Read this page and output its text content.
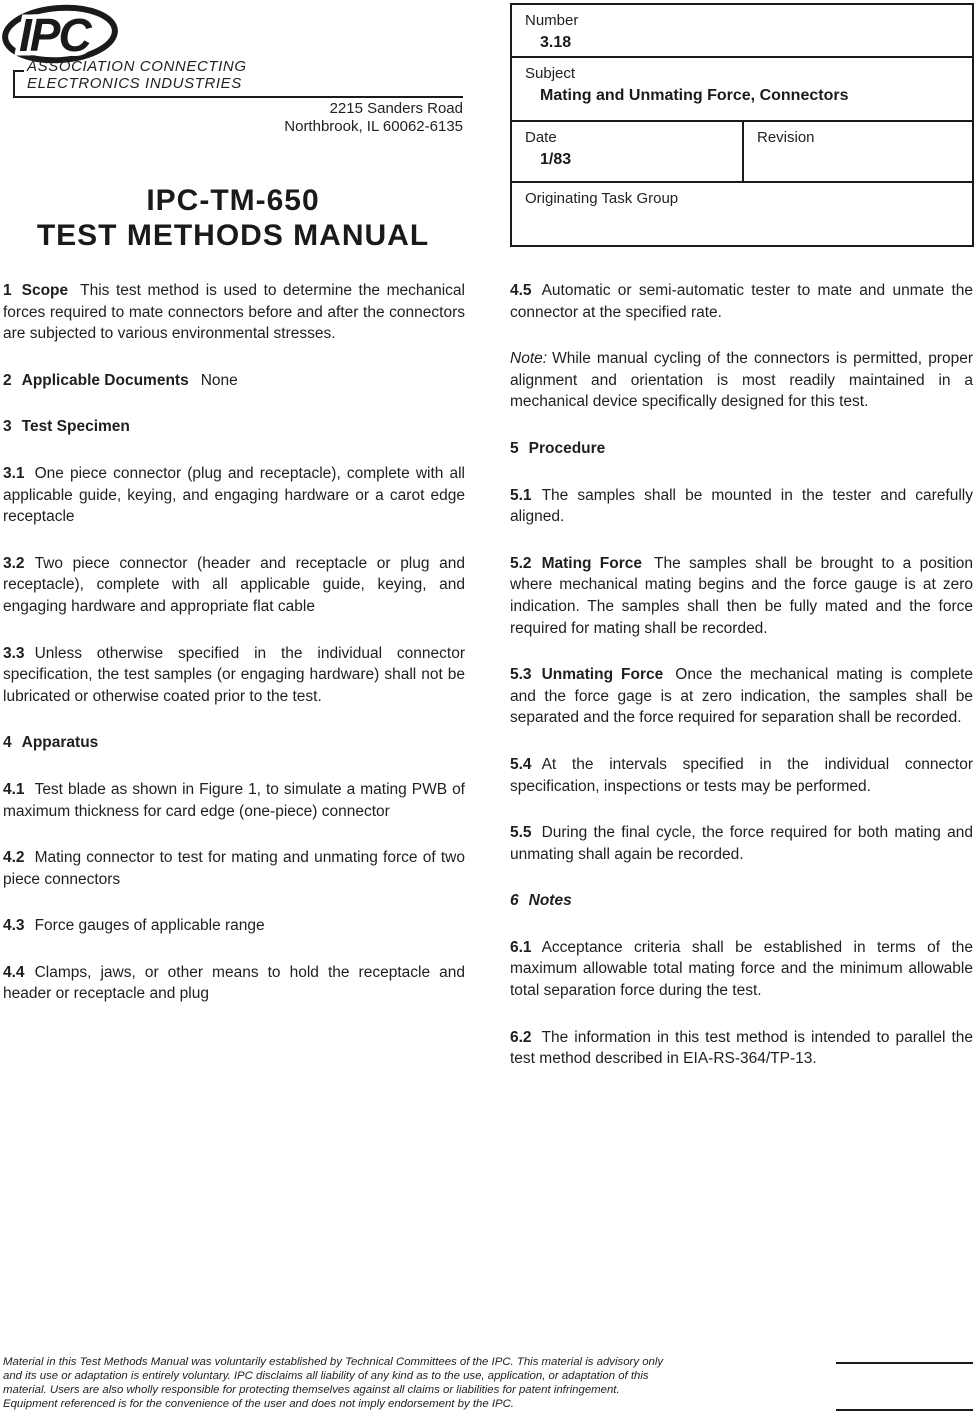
IPC
ASSOCIATION CONNECTING
ELECTRONICS INDUSTRIES
2215 Sanders Road
Northbrook, IL 60062-6135
IPC-TM-650
TEST METHODS MANUAL
Number
3.18
Subject
Mating and Unmating Force, Connectors
Date
1/83
Revision
Originating Task Group

1 Scope This test method is used to determine the mechanical forces required to mate connectors before and after the connectors are subjected to various environmental stresses.

2 Applicable Documents None

3 Test Specimen

3.1 One piece connector (plug and receptacle), complete with all applicable guide, keying, and engaging hardware or a carot edge receptacle

3.2 Two piece connector (header and receptacle or plug and receptacle), complete with all applicable guide, keying, and engaging hardware and appropriate flat cable

3.3 Unless otherwise specified in the individual connector specification, the test samples (or engaging hardware) shall not be lubricated or otherwise coated prior to the test.

4 Apparatus

4.1 Test blade as shown in Figure 1, to simulate a mating PWB of maximum thickness for card edge (one-piece) connector

4.2 Mating connector to test for mating and unmating force of two piece connectors

4.3 Force gauges of applicable range

4.4 Clamps, jaws, or other means to hold the receptacle and header or receptacle and plug

4.5 Automatic or semi-automatic tester to mate and unmate the connector at the specified rate.

Note: While manual cycling of the connectors is permitted, proper alignment and orientation is most readily maintained in a mechanical device specifically designed for this test.

5 Procedure

5.1 The samples shall be mounted in the tester and carefully aligned.

5.2 Mating Force The samples shall be brought to a position where mechanical mating begins and the force gauge is at zero indication. The samples shall then be fully mated and the force required for mating shall be recorded.

5.3 Unmating Force Once the mechanical mating is complete and the force gage is at zero indication, the samples shall be separated and the force required for separation shall be recorded.

5.4 At the intervals specified in the individual connector specification, inspections or tests may be performed.

5.5 During the final cycle, the force required for both mating and unmating shall again be recorded.

6 Notes

6.1 Acceptance criteria shall be established in terms of the maximum allowable total mating force and the minimum allowable total separation force during the test.

6.2 The information in this test method is intended to parallel the test method described in EIA-RS-364/TP-13.

Material in this Test Methods Manual was voluntarily established by Technical Committees of the IPC. This material is advisory only
and its use or adaptation is entirely voluntary. IPC disclaims all liability of any kind as to the use, application, or adaptation of this
material. Users are also wholly responsible for protecting themselves against all claims or liabilities for patent infringement.
Equipment referenced is for the convenience of the user and does not imply endorsement by the IPC.
